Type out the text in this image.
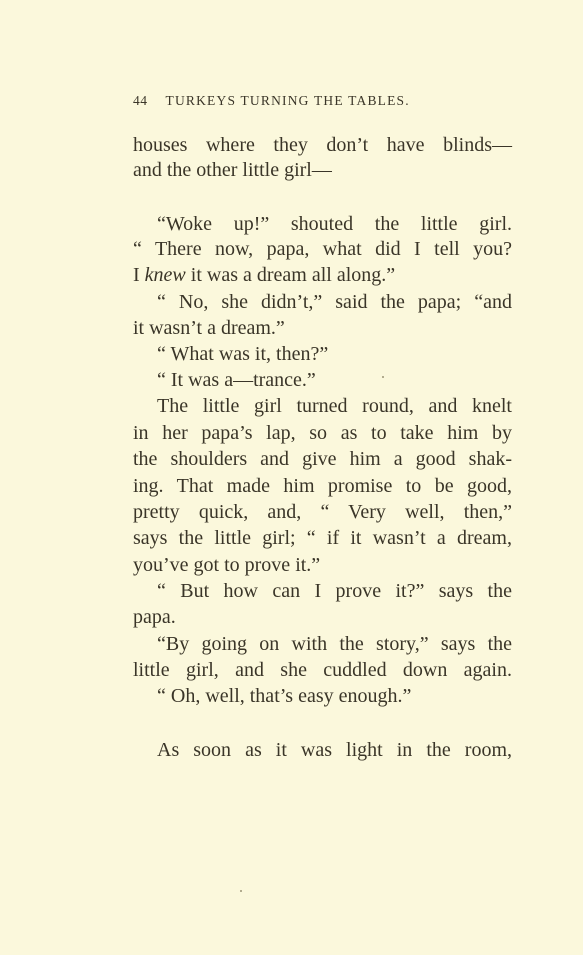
44 TURKEYS TURNING THE TABLES.
houses where they don’t have blinds—
and the other little girl—
“Woke up!” shouted the little girl.
“ There now, papa, what did I tell you?
I knew it was a dream all along.”
“ No, she didn’t,” said the papa; “and
it wasn’t a dream.”
“ What was it, then?”
“ It was a—trance.”
The little girl turned round, and knelt
in her papa’s lap, so as to take him by
the shoulders and give him a good shak-
ing. That made him promise to be good,
pretty quick, and, “ Very well, then,”
says the little girl; “ if it wasn’t a dream,
you’ve got to prove it.”
“ But how can I prove it?” says the
papa.
“By going on with the story,” says the
little girl, and she cuddled down again.
“ Oh, well, that’s easy enough.”
As soon as it was light in the room,
